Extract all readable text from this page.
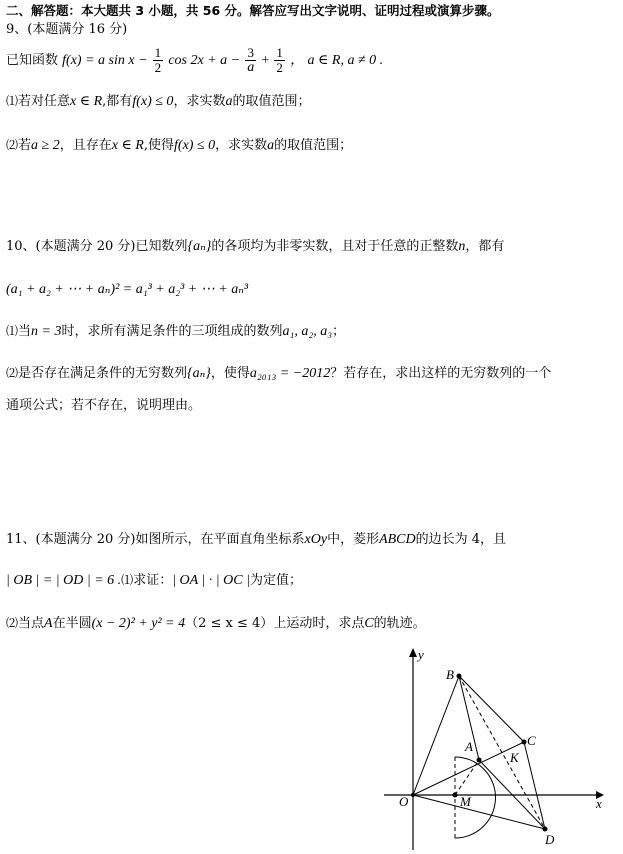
二、解答题：本大题共 3 小题，共 56 分。解答应写出文字说明、证明过程或演算步骤。
9、(本题满分 16 分)
已知函数 f(x) = a $\sin x - \frac{1}{2}$ $\cos 2x + a - \frac{3}{a} + \frac{1}{2}$ ， a ∈ R, a ≠ 0 .
⑴若对任意x ∈ R,都有f(x) ≤ 0，求实数a的取值范围；
⑵若a ≥ 2，且存在x ∈ R,使得f(x) ≤ 0，求实数a的取值范围；
10、(本题满分 20 分)已知数列{aₙ}的各项均为非零实数，且对于任意的正整数n，都有
(a₁ + a₂ + ⋯ + aₙ)² = a₁³ + a₂³ + ⋯ + aₙ³
⑴当n = 3时，求所有满足条件的三项组成的数列a₁, a₂, a₃；
⑵是否存在满足条件的无穷数列{aₙ}，使得a₂₀₁₃ = −2012？若存在，求出这样的无穷数列的一个
通项公式；若不存在，说明理由。
11、(本题满分 20 分)如图所示，在平面直角坐标系xOy中，菱形ABCD的边长为 4，且
| OB | = | OD | = 6 .⑴求证：| OA | · | OC |为定值；
⑵当点A在半圆(x − 2)² + y² = 4（2 ≤ x ≤ 4）上运动时，求点C的轨迹。
y
x
O
B
A	C
K
M
D
